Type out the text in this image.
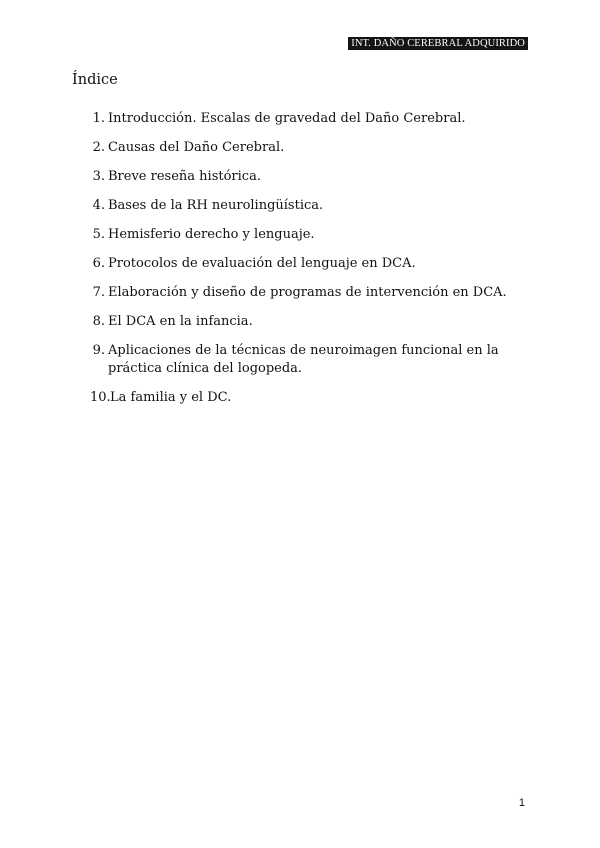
INT. DAÑO CEREBRAL ADQUIRIDO
Índice
1. Introducción. Escalas de gravedad del Daño Cerebral.
2. Causas del Daño Cerebral.
3. Breve reseña histórica.
4. Bases de la RH neurolingüística.
5. Hemisferio derecho y lenguaje.
6. Protocolos de evaluación del lenguaje en DCA.
7. Elaboración y diseño de programas de intervención en DCA.
8. El DCA en la infancia.
9. Aplicaciones de la técnicas de neuroimagen funcional en la práctica clínica del logopeda.
10. La familia y el DC.
1
